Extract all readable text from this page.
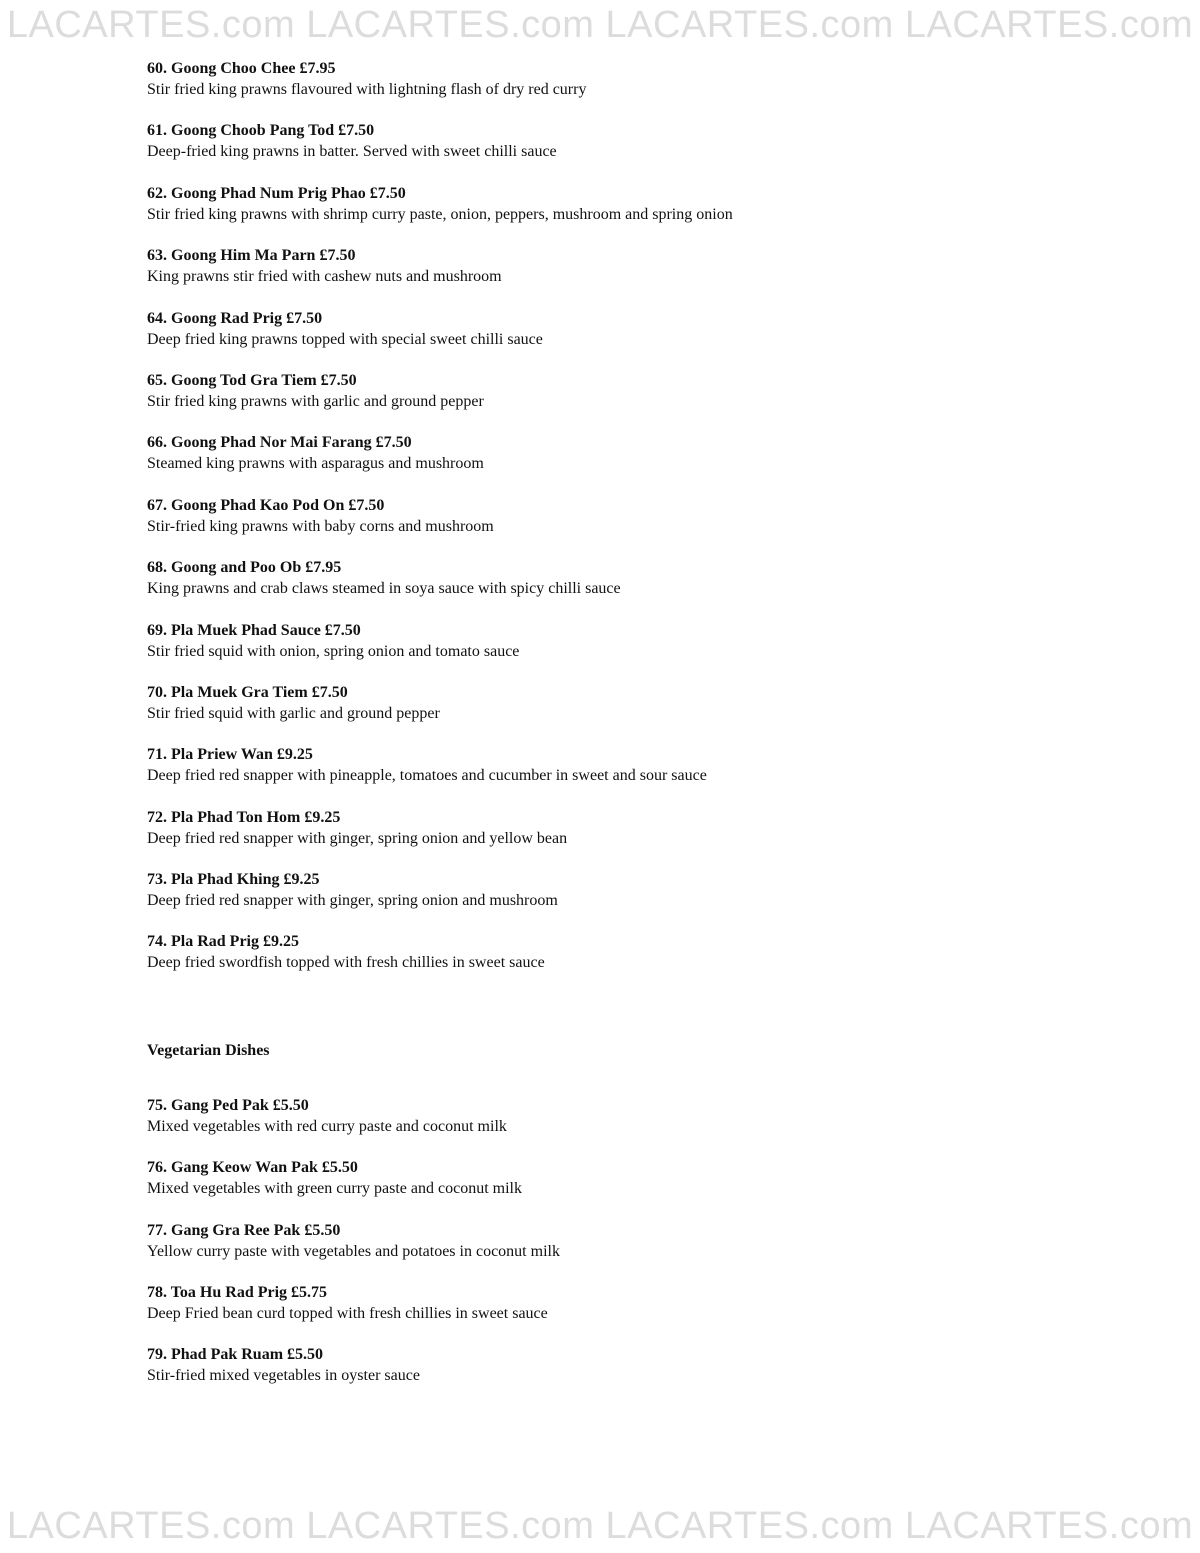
LACARTES.com LACARTES.com LACARTES.com LACARTES.com
60. Goong Choo Chee £7.95
Stir fried king prawns flavoured with lightning flash of dry red curry
61. Goong Choob Pang Tod £7.50
Deep-fried king prawns in batter. Served with sweet chilli sauce
62. Goong Phad Num Prig Phao £7.50
Stir fried king prawns with shrimp curry paste, onion, peppers, mushroom and spring onion
63. Goong Him Ma Parn £7.50
King prawns stir fried with cashew nuts and mushroom
64. Goong Rad Prig £7.50
Deep fried king prawns topped with special sweet chilli sauce
65. Goong Tod Gra Tiem £7.50
Stir fried king prawns with garlic and ground pepper
66. Goong Phad Nor Mai Farang £7.50
Steamed king prawns with asparagus and mushroom
67. Goong Phad Kao Pod On £7.50
Stir-fried king prawns with baby corns and mushroom
68. Goong and Poo Ob £7.95
King prawns and crab claws steamed in soya sauce with spicy chilli sauce
69. Pla Muek Phad Sauce £7.50
Stir fried squid with onion, spring onion and tomato sauce
70. Pla Muek Gra Tiem £7.50
Stir fried squid with garlic and ground pepper
71. Pla Priew Wan £9.25
Deep fried red snapper with pineapple, tomatoes and cucumber in sweet and sour sauce
72. Pla Phad Ton Hom £9.25
Deep fried red snapper with ginger, spring onion and yellow bean
73. Pla Phad Khing £9.25
Deep fried red snapper with ginger, spring onion and mushroom
74. Pla Rad Prig £9.25
Deep fried swordfish topped with fresh chillies in sweet sauce
Vegetarian Dishes
75. Gang Ped Pak £5.50
Mixed vegetables with red curry paste and coconut milk
76. Gang Keow Wan Pak £5.50
Mixed vegetables with green curry paste and coconut milk
77. Gang Gra Ree Pak £5.50
Yellow curry paste with vegetables and potatoes in coconut milk
78. Toa Hu Rad Prig £5.75
Deep Fried bean curd topped with fresh chillies in sweet sauce
79. Phad Pak Ruam £5.50
Stir-fried mixed vegetables in oyster sauce
LACARTES.com LACARTES.com LACARTES.com LACARTES.com
